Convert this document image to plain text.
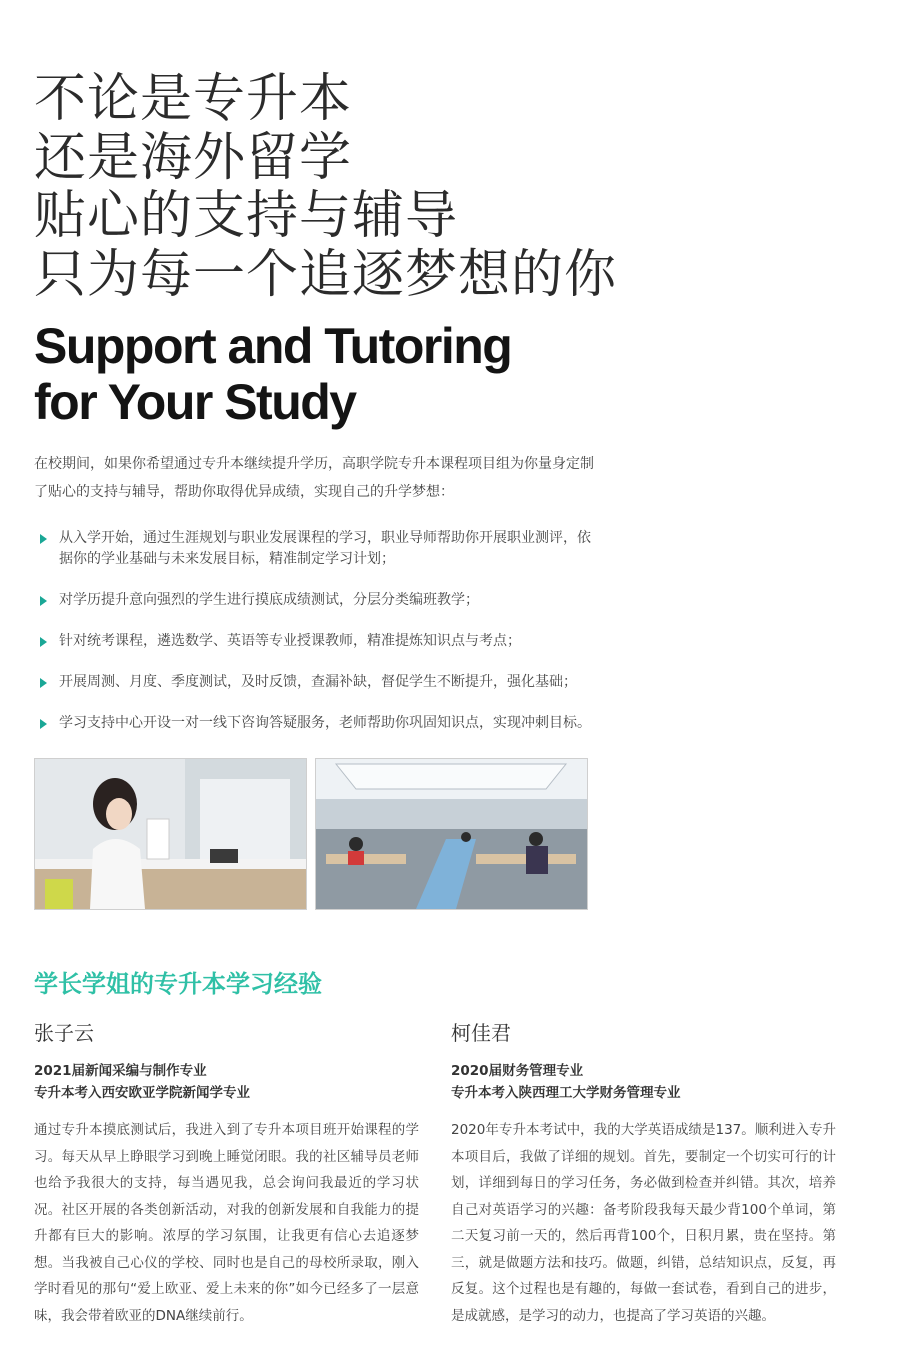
不论是专升本
还是海外留学
贴心的支持与辅导
只为每一个追逐梦想的你
Support and Tutoring
for Your Study
在校期间，如果你希望通过专升本继续提升学历，高职学院专升本课程项目组为你量身定制了贴心的支持与辅导，帮助你取得优异成绩，实现自己的升学梦想：
从入学开始，通过生涯规划与职业发展课程的学习，职业导师帮助你开展职业测评，依据你的学业基础与未来发展目标，精准制定学习计划；
对学历提升意向强烈的学生进行摸底成绩测试，分层分类编班教学；
针对统考课程，遴选数学、英语等专业授课教师，精准提炼知识点与考点；
开展周测、月度、季度测试，及时反馈，查漏补缺，督促学生不断提升，强化基础；
学习支持中心开设一对一线下咨询答疑服务，老师帮助你巩固知识点，实现冲刺目标。
学长学姐的专升本学习经验
张子云
2021届新闻采编与制作专业
专升本考入西安欧亚学院新闻学专业
通过专升本摸底测试后，我进入到了专升本项目班开始课程的学习。每天从早上睁眼学习到晚上睡觉闭眼。我的社区辅导员老师也给予我很大的支持，每当遇见我，总会询问我最近的学习状况。社区开展的各类创新活动，对我的创新发展和自我能力的提升都有巨大的影响。浓厚的学习氛围，让我更有信心去追逐梦想。当我被自己心仪的学校、同时也是自己的母校所录取，刚入学时看见的那句“爱上欧亚、爱上未来的你”如今已经多了一层意味，我会带着欧亚的DNA继续前行。
柯佳君
2020届财务管理专业
专升本考入陕西理工大学财务管理专业
2020年专升本考试中，我的大学英语成绩是137。顺利进入专升本项目后，我做了详细的规划。首先，要制定一个切实可行的计划，详细到每日的学习任务，务必做到检查并纠错。其次，培养自己对英语学习的兴趣：备考阶段我每天最少背100个单词，第二天复习前一天的，然后再背100个，日积月累，贵在坚持。第三，就是做题方法和技巧。做题，纠错，总结知识点，反复，再反复。这个过程也是有趣的，每做一套试卷，看到自己的进步，是成就感，是学习的动力，也提高了学习英语的兴趣。
